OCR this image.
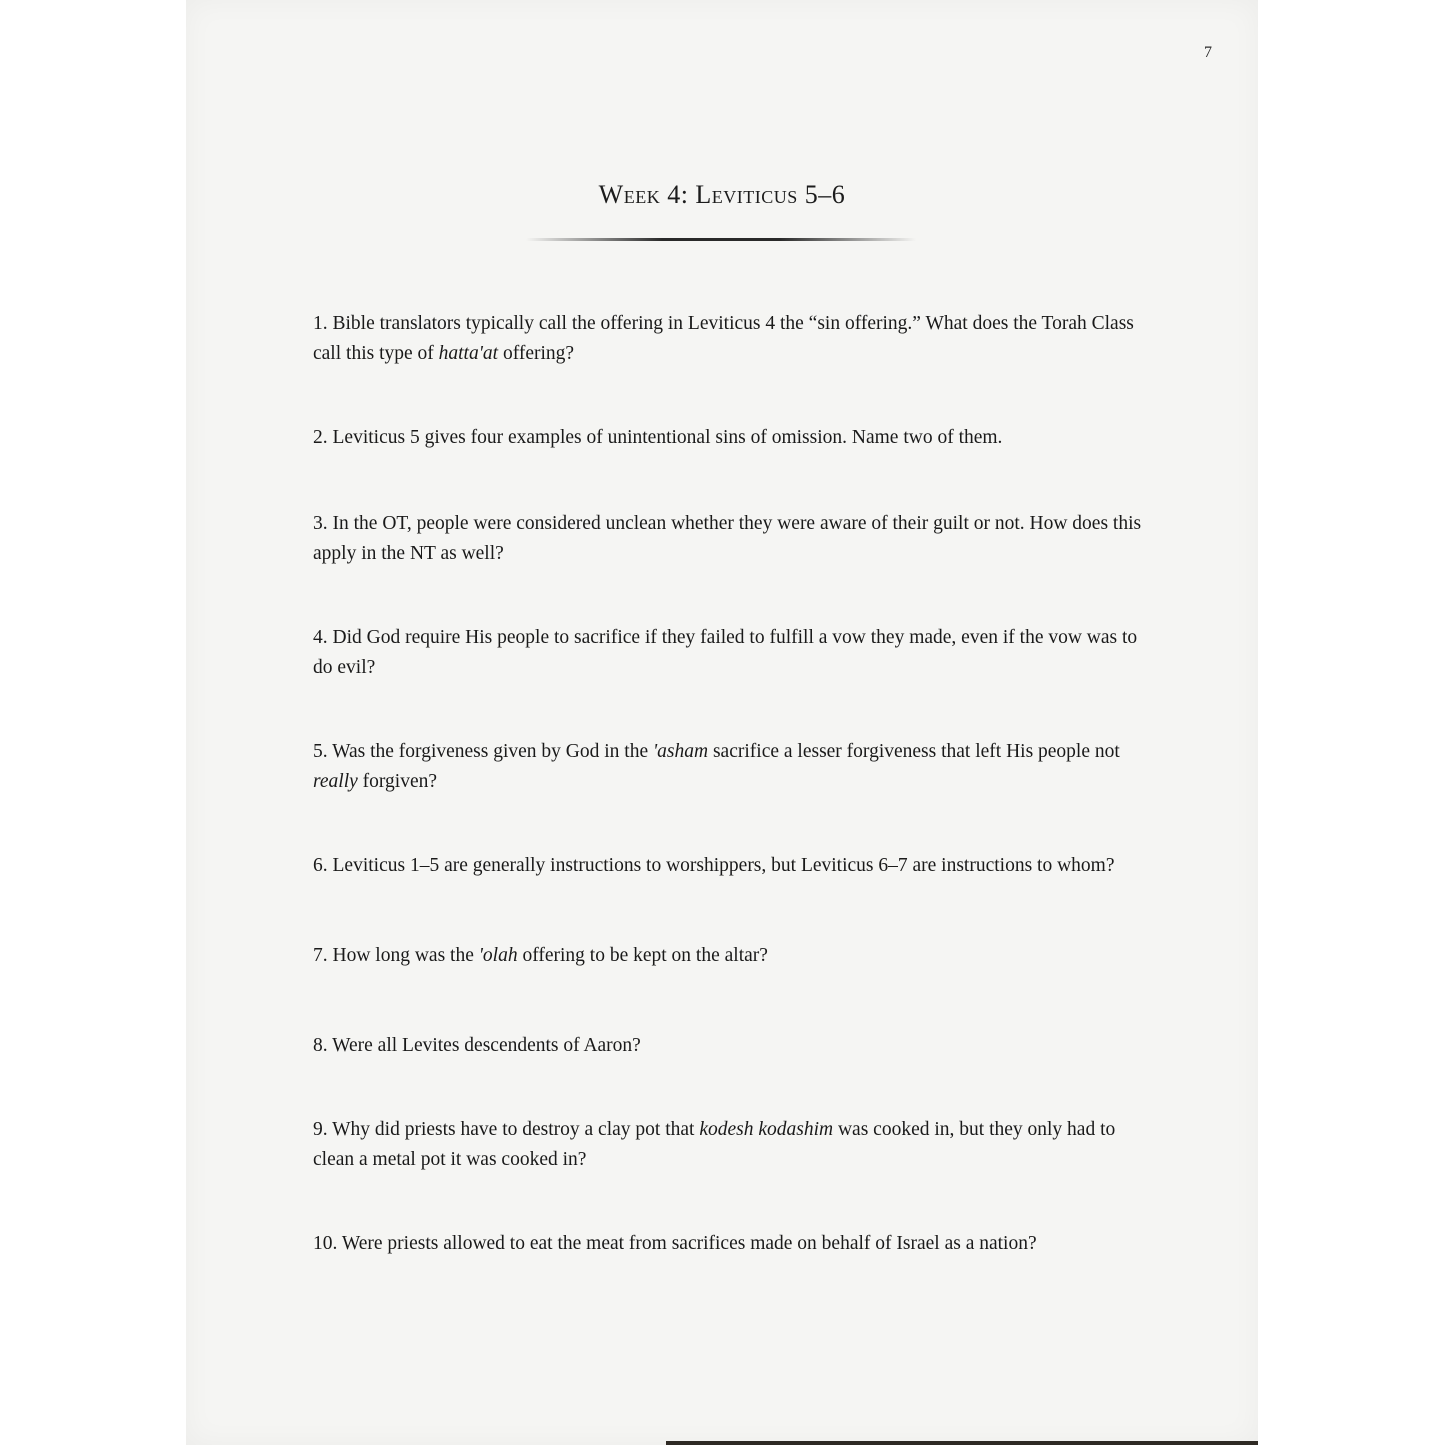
7
Week 4: Leviticus 5–6
1. Bible translators typically call the offering in Leviticus 4 the “sin offering.” What does the Torah Class call this type of hatta'at offering?
2. Leviticus 5 gives four examples of unintentional sins of omission. Name two of them.
3. In the OT, people were considered unclean whether they were aware of their guilt or not. How does this apply in the NT as well?
4. Did God require His people to sacrifice if they failed to fulfill a vow they made, even if the vow was to do evil?
5. Was the forgiveness given by God in the 'asham sacrifice a lesser forgiveness that left His people not really forgiven?
6. Leviticus 1–5 are generally instructions to worshippers, but Leviticus 6–7 are instructions to whom?
7. How long was the 'olah offering to be kept on the altar?
8. Were all Levites descendents of Aaron?
9. Why did priests have to destroy a clay pot that kodesh kodashim was cooked in, but they only had to clean a metal pot it was cooked in?
10. Were priests allowed to eat the meat from sacrifices made on behalf of Israel as a nation?
